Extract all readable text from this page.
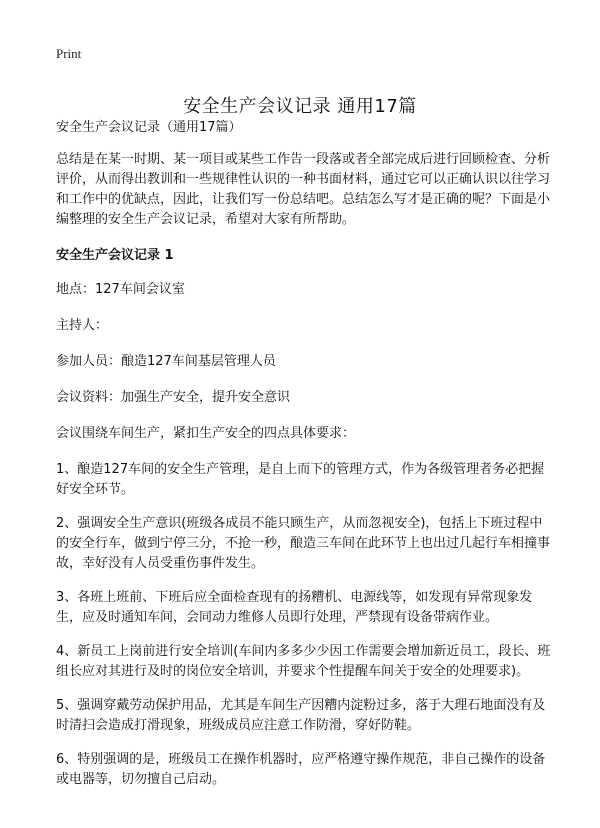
Print
安全生产会议记录 通用17篇

安全生产会议记录（通用17篇）

总结是在某一时期、某一项目或某些工作告一段落或者全部完成后进行回顾检查、分析评价，从而得出教训和一些规律性认识的一种书面材料，通过它可以正确认识以往学习和工作中的优缺点，因此，让我们写一份总结吧。总结怎么写才是正确的呢？下面是小编整理的安全生产会议记录，希望对大家有所帮助。

安全生产会议记录 1

地点：127车间会议室

主持人：

参加人员：酿造127车间基层管理人员

会议资料：加强生产安全，提升安全意识

会议围绕车间生产，紧扣生产安全的四点具体要求：

1、酿造127车间的安全生产管理，是自上而下的管理方式，作为各级管理者务必把握好安全环节。

2、强调安全生产意识(班级各成员不能只顾生产，从而忽视安全)，包括上下班过程中的安全行车，做到宁停三分，不抢一秒，酿造三车间在此环节上也出过几起行车相撞事故，幸好没有人员受重伤事件发生。

3、各班上班前、下班后应全面检查现有的扬糟机、电源线等，如发现有异常现象发生，应及时通知车间，会同动力维修人员即行处理，严禁现有设备带病作业。

4、新员工上岗前进行安全培训(车间内多多少少因工作需要会增加新近员工，段长、班组长应对其进行及时的岗位安全培训，并要求个性提醒车间关于安全的处理要求)。

5、强调穿戴劳动保护用品，尤其是车间生产因糟内淀粉过多，落于大理石地面没有及时清扫会造成打滑现象，班级成员应注意工作防滑，穿好防鞋。

6、特别强调的是，班级员工在操作机器时，应严格遵守操作规范，非自己操作的设备或电器等，切勿擅自己启动。
